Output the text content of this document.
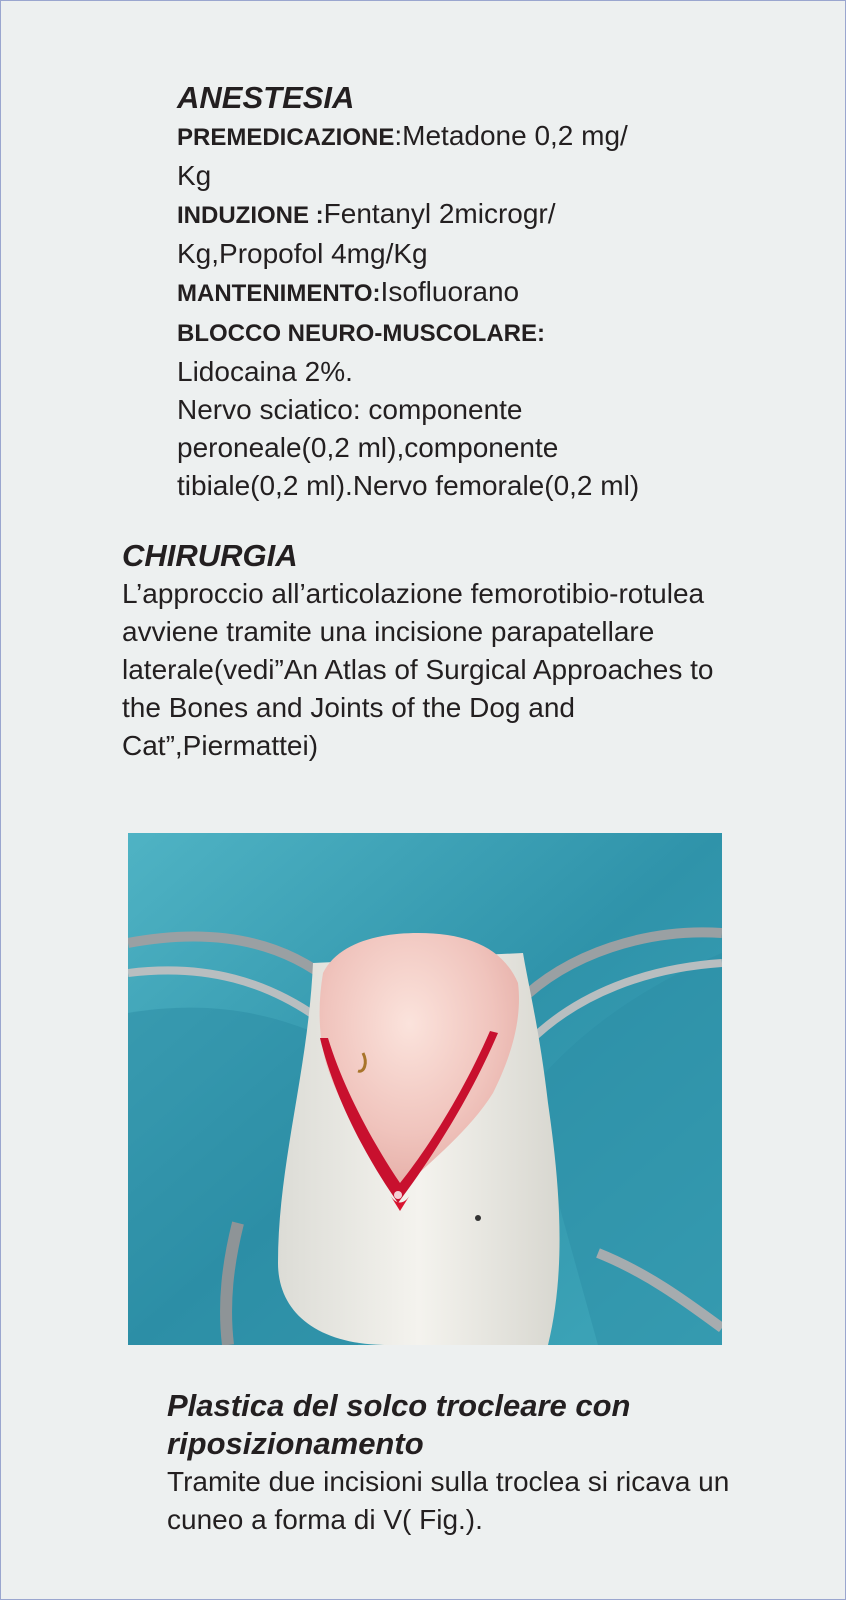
ANESTESIA

PREMEDICAZIONE:Metadone 0,2 mg/

Kg

INDUZIONE :Fentanyl 2microgr/

Kg,Propofol 4mg/Kg

MANTENIMENTO:Isofluorano

BLOCCO NEURO-MUSCOLARE:

Lidocaina 2%.

Nervo sciatico: componente

peroneale(0,2 ml),componente

tibiale(0,2 ml).Nervo femorale(0,2 ml)

CHIRURGIA

L’approccio all’articolazione femorotibio-rotulea avviene tramite una incisione parapatellare laterale(vedi”An Atlas of Surgical Approaches to the Bones and Joints of the Dog and Cat”,Piermattei)

Plastica del solco trocleare con riposizionamento

Tramite due incisioni sulla troclea si ricava un cuneo a forma di V( Fig.).
